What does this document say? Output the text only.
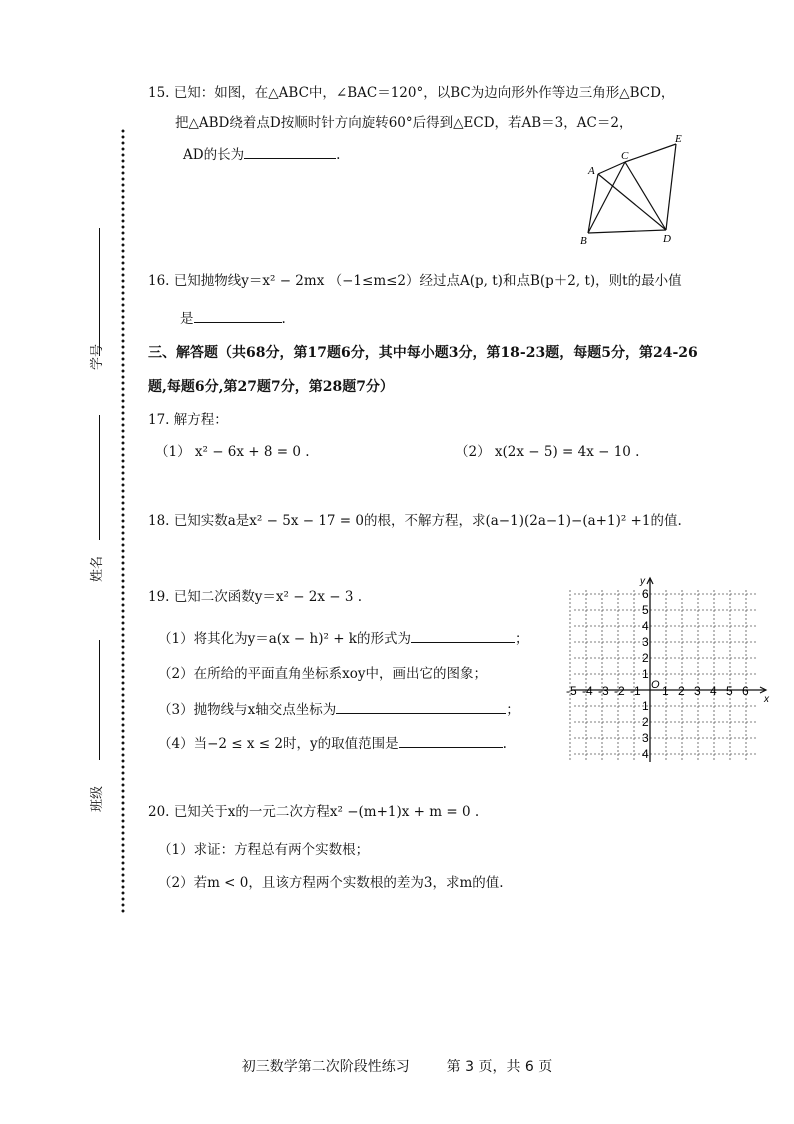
学号
姓名
班级
15. 已知：如图，在△ABC中，∠BAC＝120°，以BC为边向形外作等边三角形△BCD，
把△ABD绕着点D按顺时针方向旋转60°后得到△ECD，若AB＝3，AC＝2，
AD的长为	.
A
B
C
D
E
16. 已知抛物线y＝x² − 2mx （−1≤m≤2）经过点A(p, t)和点B(p＋2, t)，则t的最小值
是	.
三、解答题（共68分，第17题6分，其中每小题3分，第18-23题，每题5分，第24-26
题,每题6分,第27题7分，第28题7分）
17. 解方程：
（1） x² − 6x + 8 = 0 .	（2） x(2x − 5) = 4x − 10 .
18. 已知实数a是x² − 5x − 17 = 0的根，不解方程，求(a−1)(2a−1)−(a+1)² +1的值.
19. 已知二次函数y＝x² − 2x − 3 .
（1）将其化为y＝a(x − h)² + k的形式为	；
（2）在所给的平面直角坐标系xoy中，画出它的图象；
（3）抛物线与x轴交点坐标为	；
（4）当−2 ≤ x ≤ 2时，y的取值范围是	.
x
y
O
-5 -4 -3 -2 -1 1 2 3 4 5 6
6
5
4
3
2
1
1
2
3
4
20. 已知关于x的一元二次方程x² −(m+1)x + m = 0 .
（1）求证：方程总有两个实数根；
（2）若m < 0，且该方程两个实数根的差为3，求m的值.
初三数学第二次阶段性练习	第 3 页，共 6 页
